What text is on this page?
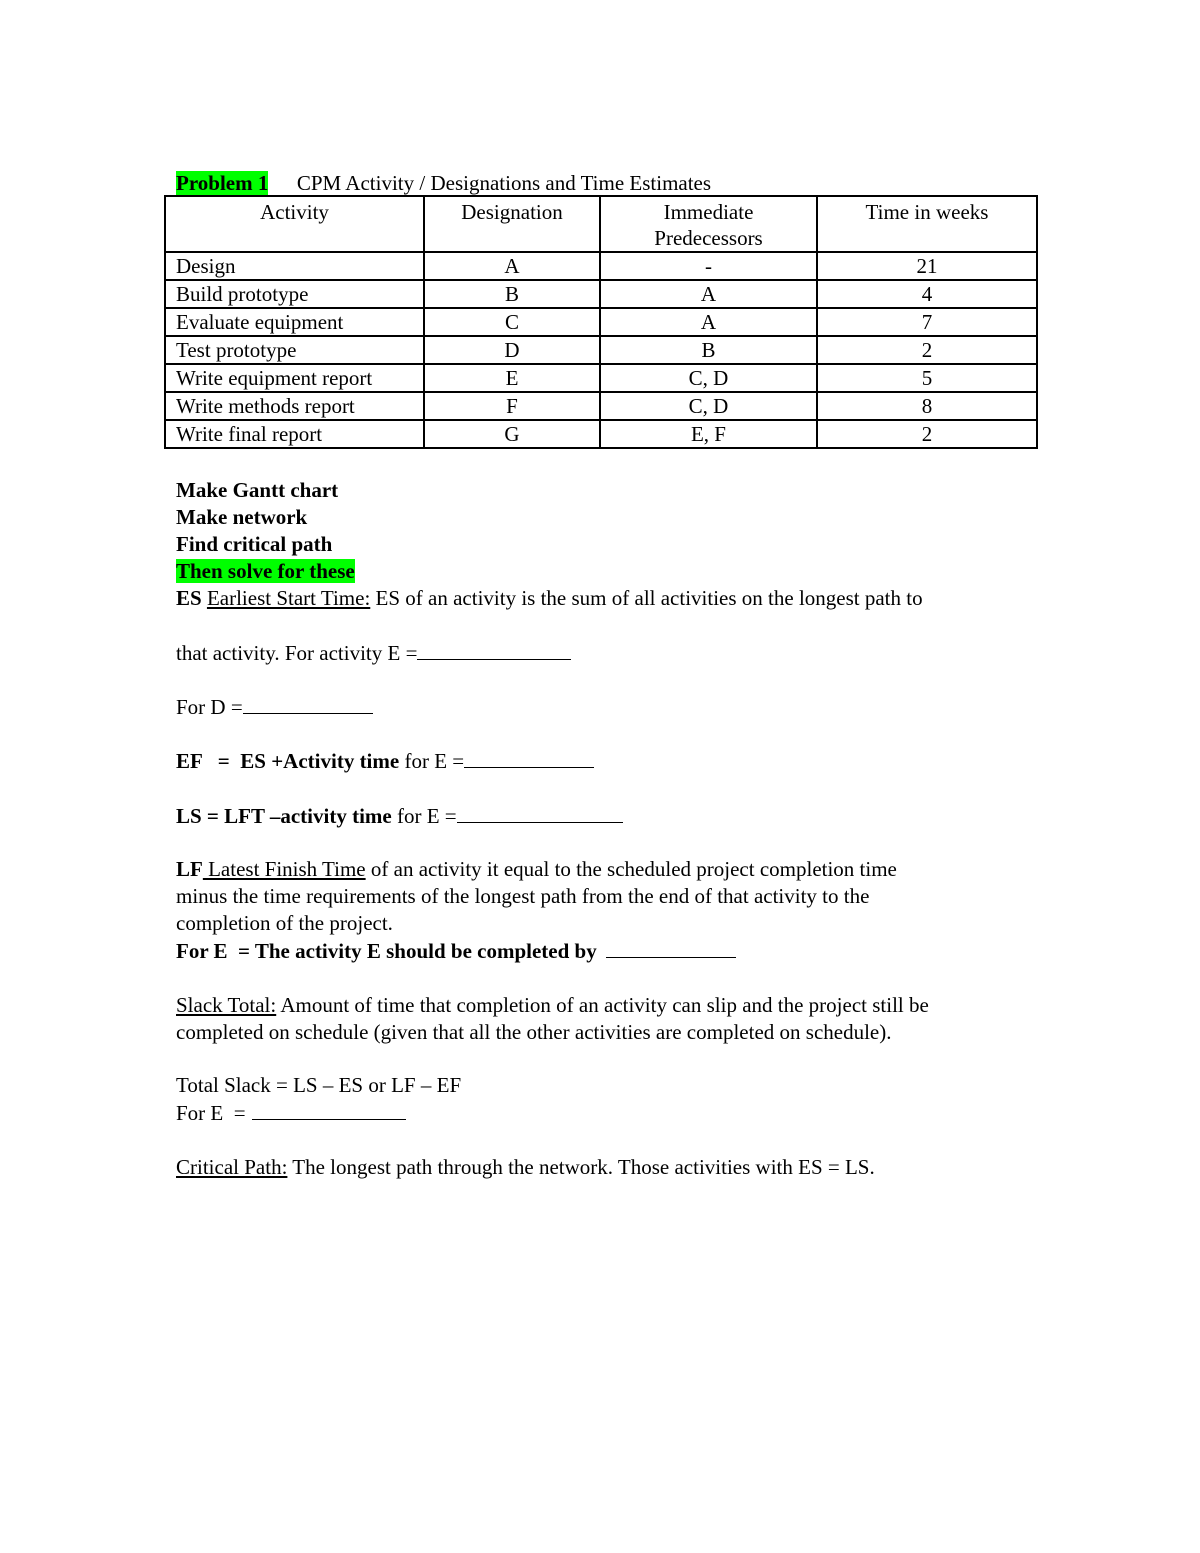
Problem 1 CPM Activity / Designations and Time Estimates
Activity	Designation	Immediate Predecessors	Time in weeks
Design	A	-	21
Build prototype	B	A	4
Evaluate equipment	C	A	7
Test prototype	D	B	2
Write equipment report	E	C, D	5
Write methods report	F	C, D	8
Write final report	G	E, F	2
Make Gantt chart
Make network
Find critical path
Then solve for these
ES Earliest Start Time: ES of an activity is the sum of all activities on the longest path to
that activity. For activity E =
For D =
EF   =  ES +Activity time for E =
LS = LFT –activity time for E =
LF Latest Finish Time of an activity it equal to the scheduled project completion time
minus the time requirements of the longest path from the end of that activity to the
completion of the project.
For E  = The activity E should be completed by
Slack Total: Amount of time that completion of an activity can slip and the project still be
completed on schedule (given that all the other activities are completed on schedule).
Total Slack = LS – ES or LF – EF
For E  =
Critical Path: The longest path through the network. Those activities with ES = LS.
